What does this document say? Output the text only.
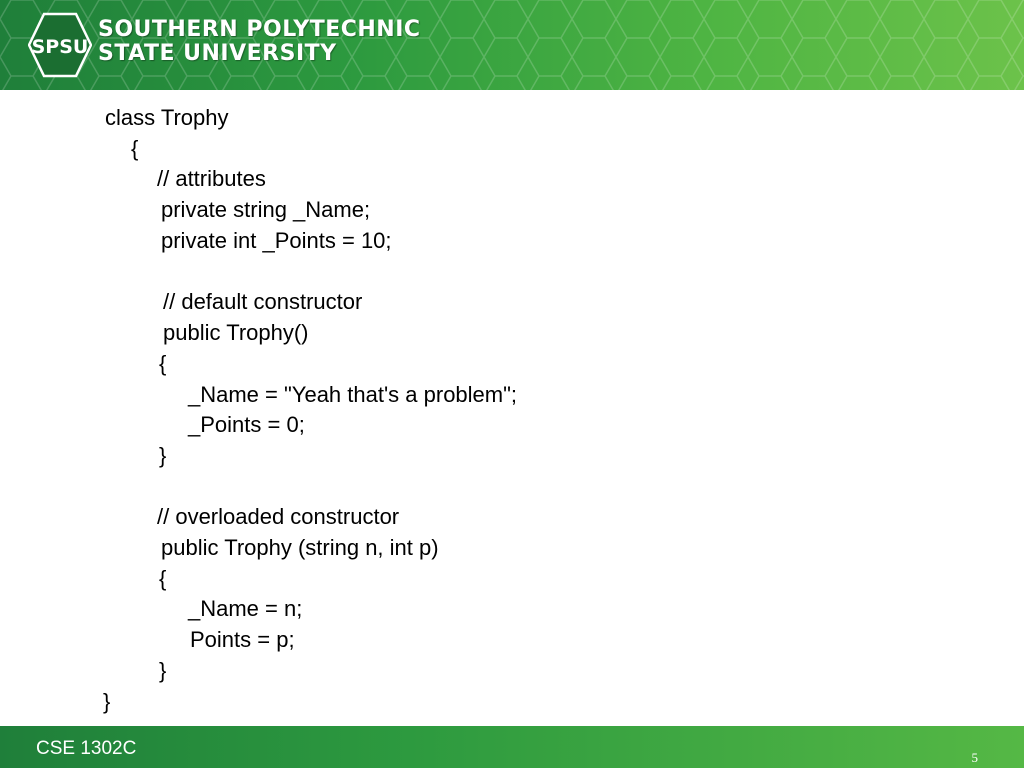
SPSU
SOUTHERN POLYTECHNIC
STATE UNIVERSITY
class Trophy
{
// attributes
private string _Name;
private int _Points = 10;
// default constructor
public Trophy()
{
_Name = "Yeah that's a problem";
_Points = 0;
}
// overloaded constructor
public Trophy (string n, int p)
{
_Name = n;
Points = p;
}
}
CSE 1302C	5
